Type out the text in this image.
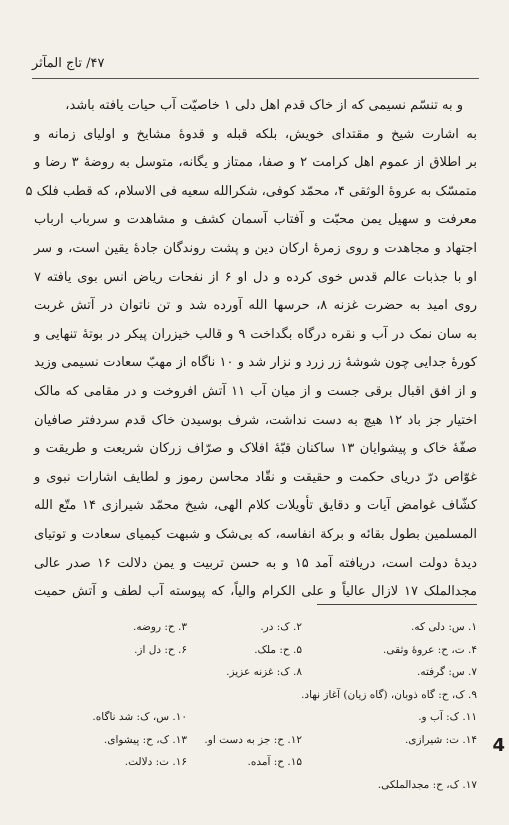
۴۷/ تاج المآثر
و به تنسّم نسیمی که از خاک قدم اهل دلی ۱ خاصیّت آب حیات یافته باشد،
به اشارت شیخ و مقتدای خویش، بلکه قبله و قدوهٔ مشایخ و اولیای زمانه و
بر اطلاق از عموم اهل کرامت ۲ و صفا، ممتاز و یگانه، متوسل به روضهٔ ۳ رضا و
متمسّک به عروهٔ الوثقی ۴، محمّد کوفی، شکرالله سعیه فی الاسلام، که قطب فلک ۵
معرفت و سهیل یمن محبّت و آفتاب آسمان کشف و مشاهدت و سرباب ارباب
اجتهاد و مجاهدت و روی زمرهٔ ارکان دین و پشت روندگان جادهٔ یقین است، و سر
او با جذبات عالم قدس خوی کرده و دل او ۶ از نفحات ریاض انس بوی یافته ۷
روی امید به حضرت غزنه ۸، حرسها الله آورده شد و تن ناتوان در آتش غربت
به سان نمک در آب و نقره درگاه بگداخت ۹ و قالب خیزران پیکر در بوتهٔ تنهایی و
کورهٔ جدایی چون شوشهٔ زر زرد و نزار شد و ۱۰ ناگاه از مهبّ سعادت نسیمی وزید
و از افق اقبال برقی جست و از میان آب ۱۱ آتش افروخت و در مقامی که مالک
اختیار جز باد ۱۲ هیچ به دست نداشت، شرف بوسیدن خاک قدم سردفتر صافیان
صفّهٔ خاک و پیشوایان ۱۳ ساکنان قبّهٔ افلاک و صرّاف زرکان شریعت و طریقت و
غوّاص درّ دریای حکمت و حقیقت و نقّاد محاسن رموز و لطایف اشارات نبوی و
کشّاف غوامض آیات و دقایق تأویلات کلام الهی، شیخ محمّد شیرازی ۱۴ متّع الله
المسلمین بطول بقائه و برکة انفاسه، که بی‌شک و شبهت کیمیای سعادت و توتیای
دیدهٔ دولت است، دریافته آمد ۱۵ و به حسن تربیت و یمن دلالت ۱۶ صدر عالی
مجدالملک ۱۷ لازال عالیاً و علی الکرام والیاً، که پیوسته آب لطف و آتش حمیت
۱. س: دلی که.
۲. ک: در.
۳. ح: روضه.
۴. ت، ح: عروهٔ وثقی.
۵. ح: ملک.
۶. ح: دل از.
۷. س: گرفته.
۸. ک: غزنه عزیز.
۹. ک، ح: گاه ذوبان، (گاه زیان) آغاز نهاد.
۱۱. ک: آب و.
۱۰. س، ک: شد ناگاه.
۱۴. ت: شیرازی.
۱۲. ح: جز به دست او.
۱۳. ک، ح: پیشوای.
۱۵. ح: آمده.
۱۶. ت: دلالت.
۱۷. ک، ح: مجدالملکی.
4
